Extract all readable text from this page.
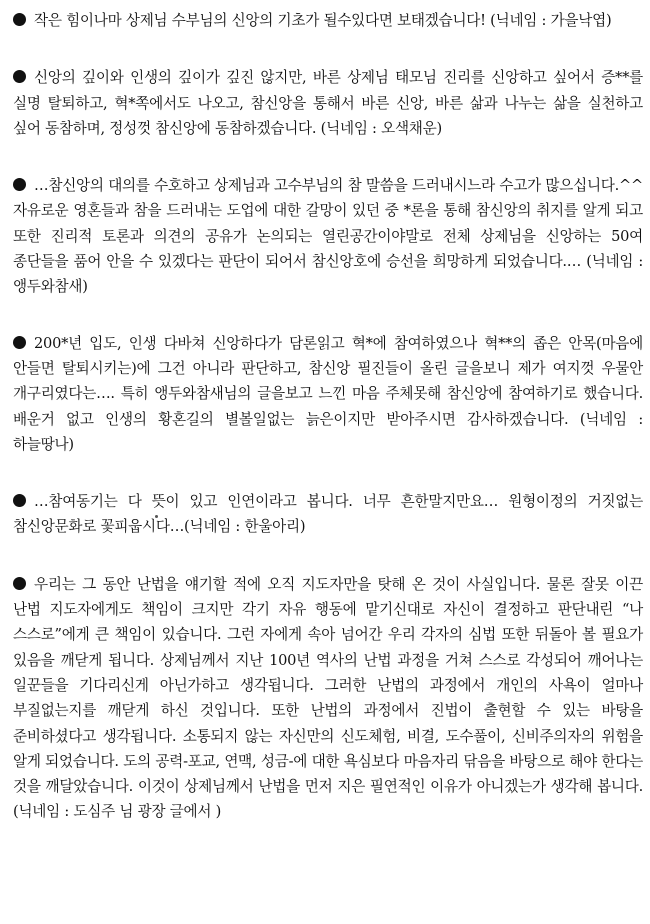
작은 힘이나마 상제님 수부님의 신앙의 기초가 될수있다면 보태겠습니다! (닉네임 : 가을낙엽)
신앙의 깊이와 인생의 깊이가 깊진 않지만, 바른 상제님 태모님 진리를 신앙하고 싶어서 증**를 실명 탈퇴하고, 혁*쪽에서도 나오고, 참신앙을 통해서 바른 신앙, 바른 삶과 나누는 삶을 실천하고 싶어 동참하며, 정성껏 참신앙에 동참하겠습니다. (닉네임 : 오색채운)
…참신앙의 대의를 수호하고 상제님과 고수부님의 참 말씀을 드러내시느라 수고가 많으십니다.^^ 자유로운 영혼들과 참을 드러내는 도업에 대한 갈망이 있던 중 *론을 통해 참신앙의 취지를 알게 되고 또한 진리적 토론과 의견의 공유가 논의되는 열린공간이야말로 전체 상제님을 신앙하는 50여 종단들을 품어 안을 수 있겠다는 판단이 되어서 참신앙호에 승선을 희망하게 되었습니다.… (닉네임 : 앵두와참새)
200*년 입도, 인생 다바쳐 신앙하다가 담론읽고 혁*에 참여하였으나 혁**의 좁은 안목(마음에 안들면 탈퇴시키는)에 그건 아니라 판단하고, 참신앙 필진들이 올린 글을보니 제가 여지껏 우물안 개구리였다는…. 특히 앵두와참새님의 글을보고 느낀 마음 주체못해 참신앙에 참여하기로 했습니다. 배운거 없고 인생의 황혼길의 별볼일없는 늙은이지만 받아주시면 감사하겠습니다. (닉네임 : 하늘땅나)
…참여동기는 다 뜻이 있고 인연이라고 봅니다. 너무 흔한말지만요… 원형이정의 거짓없는 참신앙문화로 꽃피웁시다…(닉네임 : 한울아리)
우리는 그 동안 난법을 얘기할 적에 오직 지도자만을 탓해 온 것이 사실입니다. 물론 잘못 이끈 난법 지도자에게도 책임이 크지만 각기 자유 행동에 맡기신대로 자신이 결정하고 판단내린 “나 스스로”에게 큰 책임이 있습니다. 그런 자에게 속아 넘어간 우리 각자의 심법 또한 뒤돌아 볼 필요가 있음을 깨닫게 됩니다. 상제님께서 지난 100년 역사의 난법 과정을 거쳐 스스로 각성되어 깨어나는 일꾼들을 기다리신게 아닌가하고 생각됩니다. 그러한 난법의 과정에서 개인의 사욕이 얼마나 부질없는지를 깨닫게 하신 것입니다. 또한 난법의 과정에서 진법이 출현할 수 있는 바탕을 준비하셨다고 생각됩니다. 소통되지 않는 자신만의 신도체험, 비결, 도수풀이, 신비주의자의 위험을 알게 되었습니다. 도의 공력-포교, 연맥, 성금-에 대한 욕심보다 마음자리 닦음을 바탕으로 해야 한다는 것을 깨달았습니다. 이것이 상제님께서 난법을 먼저 지은 필연적인 이유가 아니겠는가 생각해 봅니다. (닉네임 : 도심주 님 광장 글에서 )
